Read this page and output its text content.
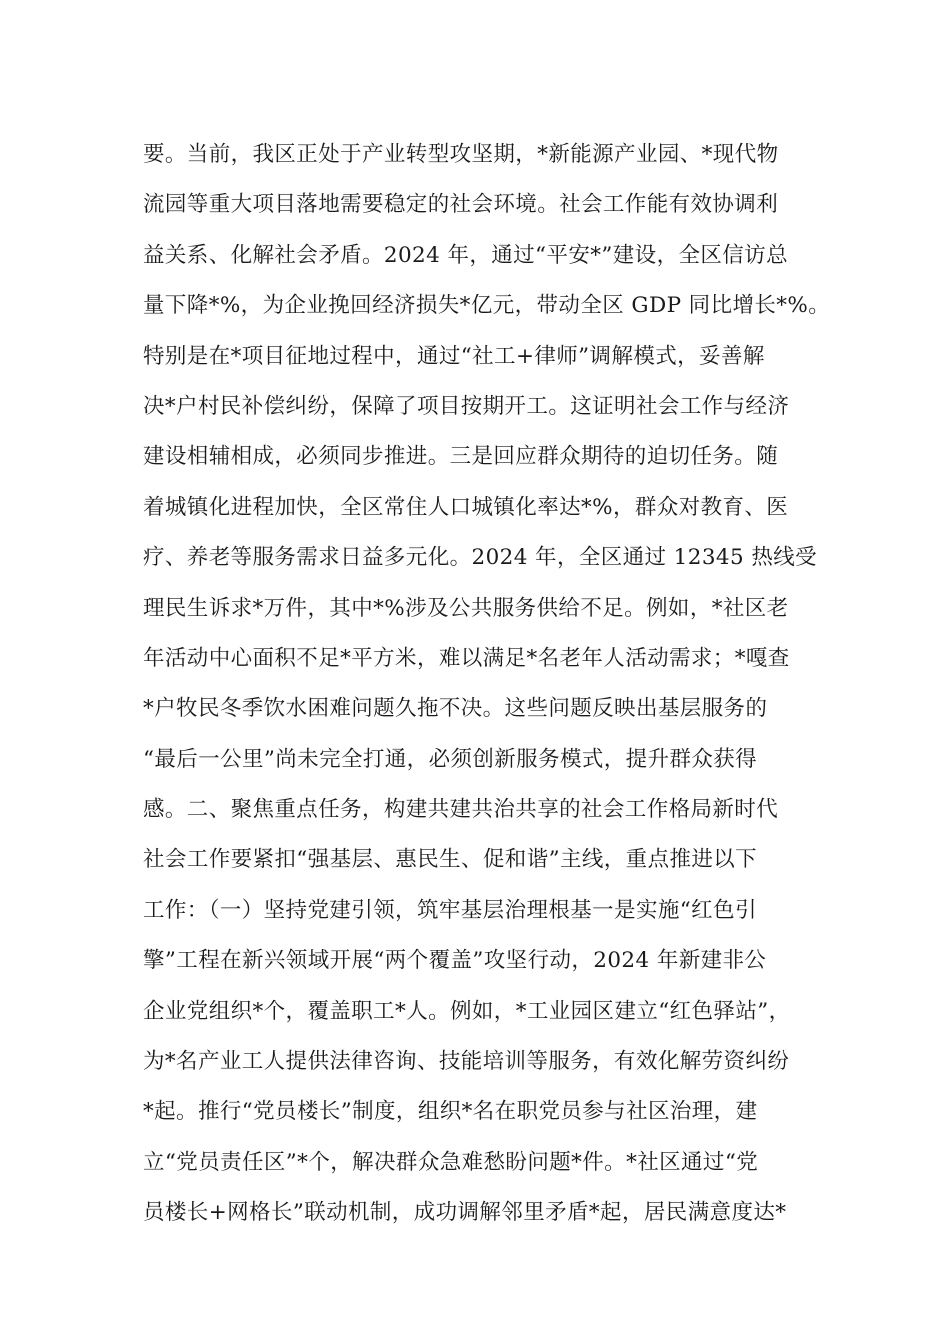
要。当前，我区正处于产业转型攻坚期，*新能源产业园、*现代物
流园等重大项目落地需要稳定的社会环境。社会工作能有效协调利
益关系、化解社会矛盾。2024 年，通过“平安*”建设，全区信访总
量下降*%，为企业挽回经济损失*亿元，带动全区 GDP 同比增长*%。
特别是在*项目征地过程中，通过“社工+律师”调解模式，妥善解
决*户村民补偿纠纷，保障了项目按期开工。这证明社会工作与经济
建设相辅相成，必须同步推进。三是回应群众期待的迫切任务。随
着城镇化进程加快，全区常住人口城镇化率达*%，群众对教育、医
疗、养老等服务需求日益多元化。2024 年，全区通过 12345 热线受
理民生诉求*万件，其中*%涉及公共服务供给不足。例如，*社区老
年活动中心面积不足*平方米，难以满足*名老年人活动需求；*嘎查
*户牧民冬季饮水困难问题久拖不决。这些问题反映出基层服务的
“最后一公里”尚未完全打通，必须创新服务模式，提升群众获得
感。二、聚焦重点任务，构建共建共治共享的社会工作格局新时代
社会工作要紧扣“强基层、惠民生、促和谐”主线，重点推进以下
工作：（一）坚持党建引领，筑牢基层治理根基一是实施“红色引
擎”工程在新兴领域开展“两个覆盖”攻坚行动，2024 年新建非公
企业党组织*个，覆盖职工*人。例如，*工业园区建立“红色驿站”，
为*名产业工人提供法律咨询、技能培训等服务，有效化解劳资纠纷
*起。推行“党员楼长”制度，组织*名在职党员参与社区治理，建
立“党员责任区”*个，解决群众急难愁盼问题*件。*社区通过“党
员楼长+网格长”联动机制，成功调解邻里矛盾*起，居民满意度达*
